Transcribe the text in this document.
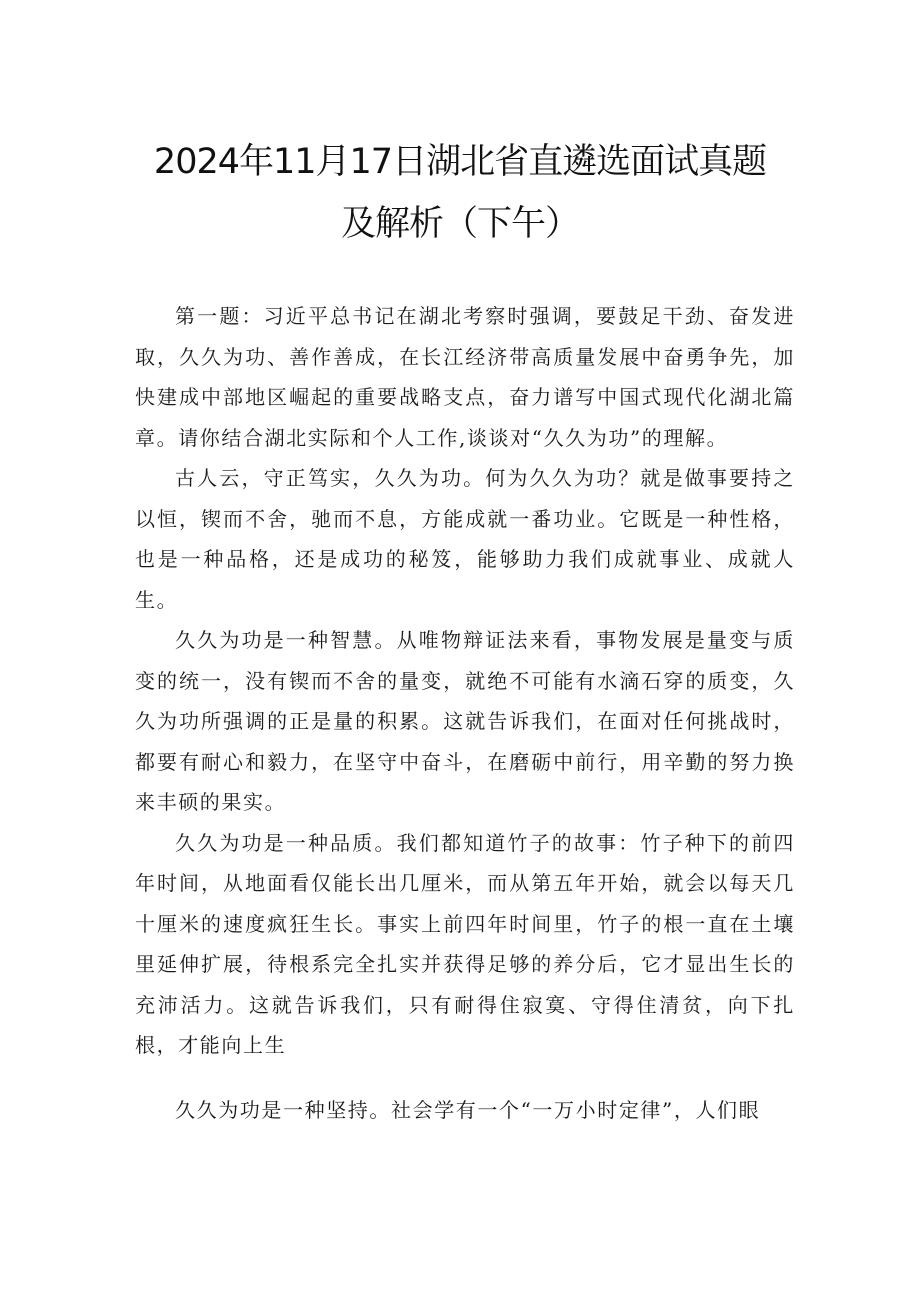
2024年11月17日湖北省直遴选面试真题
及解析（下午）

第一题：习近平总书记在湖北考察时强调，要鼓足干劲、奋发进取，久久为功、善作善成，在长江经济带高质量发展中奋勇争先，加快建成中部地区崛起的重要战略支点，奋力谱写中国式现代化湖北篇章。请你结合湖北实际和个人工作,谈谈对“久久为功”的理解。

古人云，守正笃实，久久为功。何为久久为功？就是做事要持之以恒，锲而不舍，驰而不息，方能成就一番功业。它既是一种性格，也是一种品格，还是成功的秘笈，能够助力我们成就事业、成就人生。

久久为功是一种智慧。从唯物辩证法来看，事物发展是量变与质变的统一，没有锲而不舍的量变，就绝不可能有水滴石穿的质变，久久为功所强调的正是量的积累。这就告诉我们，在面对任何挑战时，都要有耐心和毅力，在坚守中奋斗，在磨砺中前行，用辛勤的努力换来丰硕的果实。

久久为功是一种品质。我们都知道竹子的故事：竹子种下的前四年时间，从地面看仅能长出几厘米，而从第五年开始，就会以每天几十厘米的速度疯狂生长。事实上前四年时间里，竹子的根一直在土壤里延伸扩展，待根系完全扎实并获得足够的养分后，它才显出生长的充沛活力。这就告诉我们，只有耐得住寂寞、守得住清贫，向下扎根，才能向上生

久久为功是一种坚持。社会学有一个“一万小时定律”，人们眼
